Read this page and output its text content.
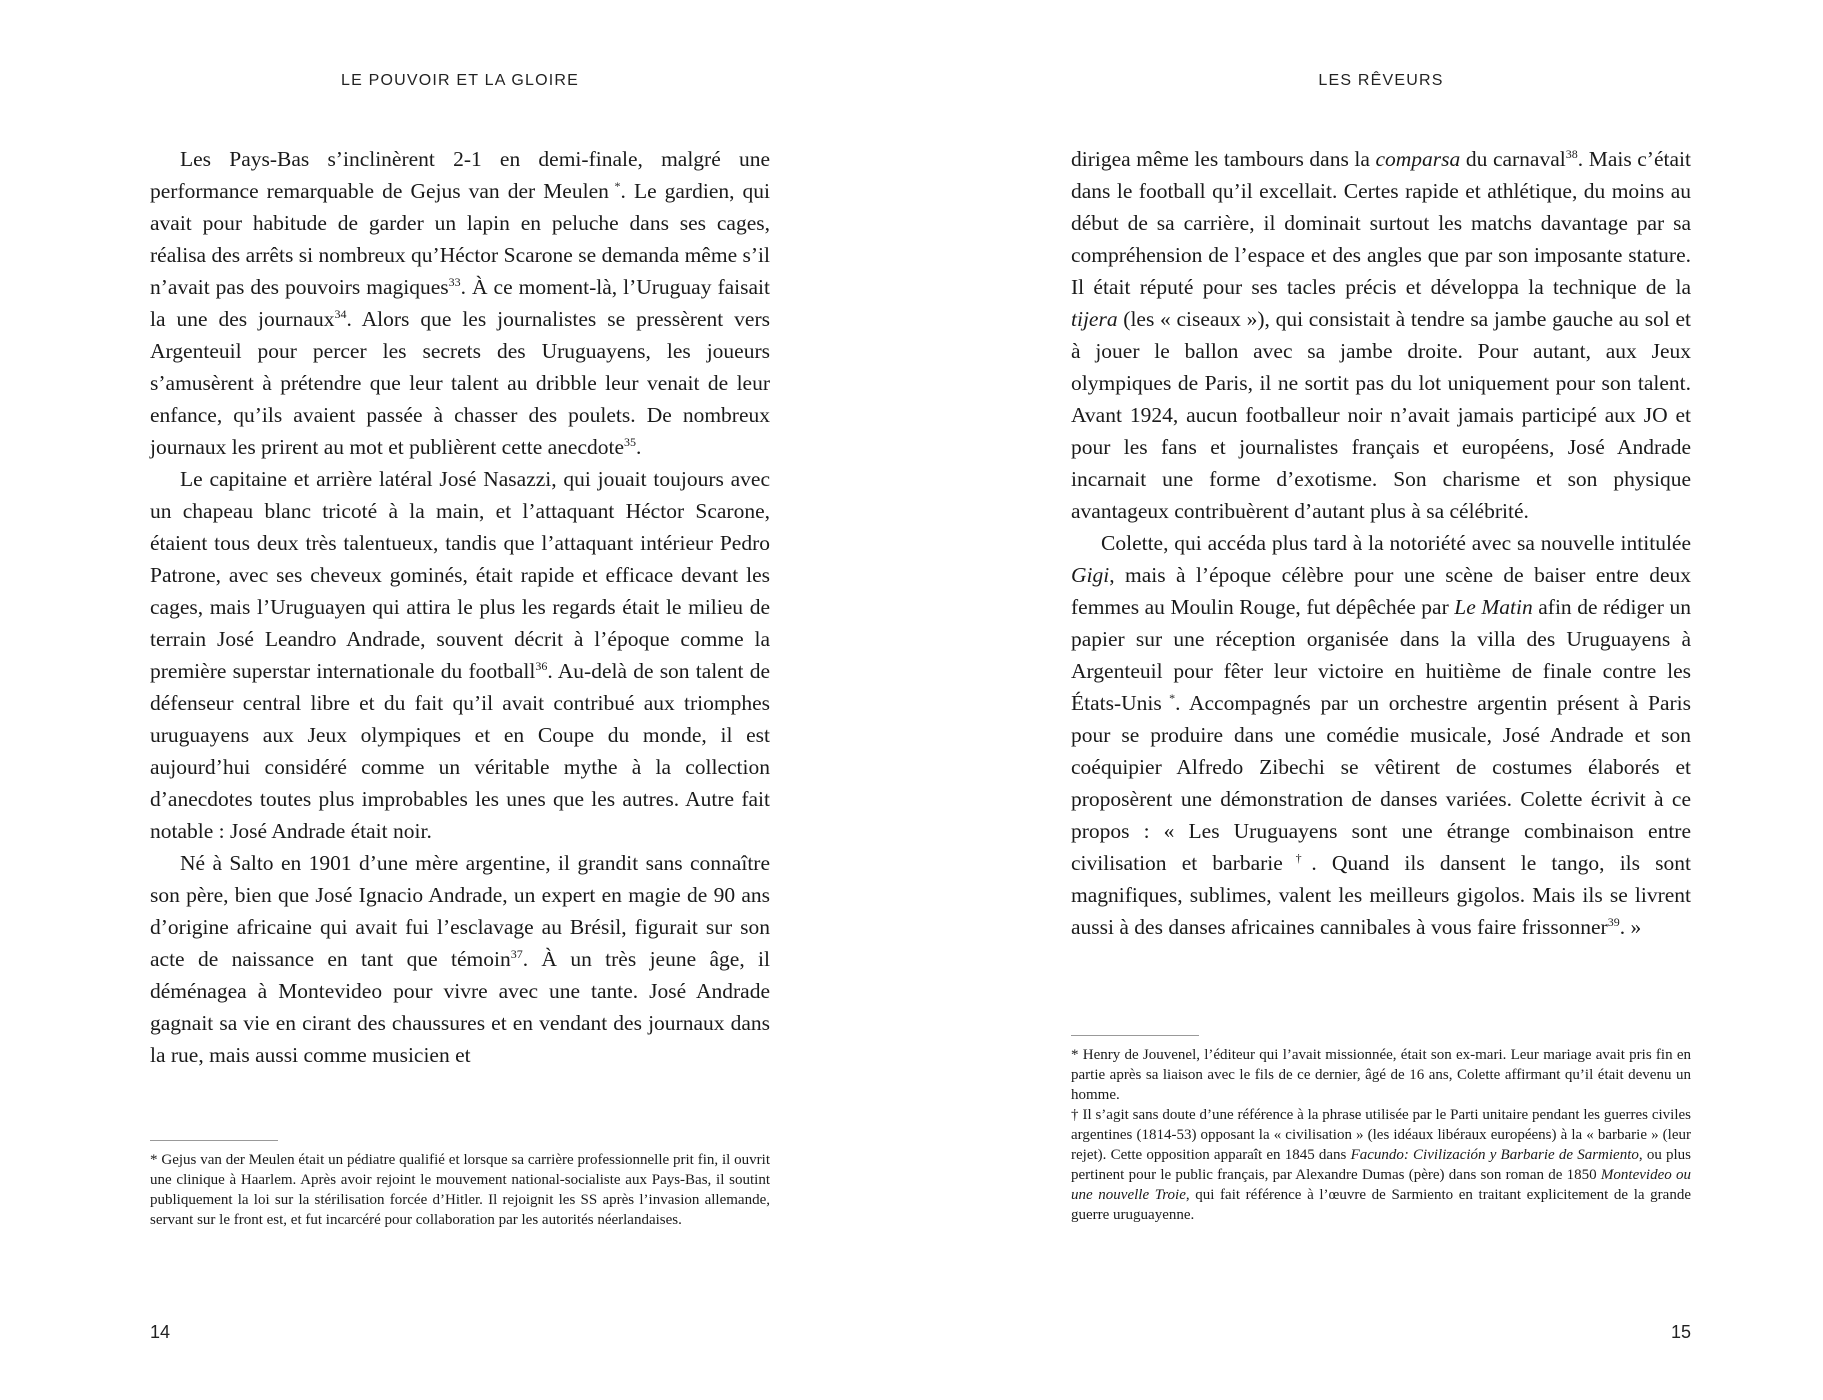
LE POUVOIR ET LA GLOIRE

Les Pays-Bas s’inclinèrent 2-1 en demi-finale, malgré une performance remarquable de Gejus van der Meulen *. Le gardien, qui avait pour habitude de garder un lapin en peluche dans ses cages, réalisa des arrêts si nombreux qu’Héctor Scarone se demanda même s’il n’avait pas des pouvoirs magiques$^{33}$. À ce moment-là, l’Uruguay faisait la une des journaux$^{34}$. Alors que les journalistes se pressèrent vers Argenteuil pour percer les secrets des Uruguayens, les joueurs s’amusèrent à prétendre que leur talent au dribble leur venait de leur enfance, qu’ils avaient passée à chasser des poulets. De nombreux journaux les prirent au mot et publièrent cette anecdote$^{35}$.

Le capitaine et arrière latéral José Nasazzi, qui jouait toujours avec un chapeau blanc tricoté à la main, et l’attaquant Héctor Scarone, étaient tous deux très talentueux, tandis que l’attaquant intérieur Pedro Patrone, avec ses cheveux gominés, était rapide et efficace devant les cages, mais l’Uruguayen qui attira le plus les regards était le milieu de terrain José Leandro Andrade, souvent décrit à l’époque comme la première superstar internationale du football$^{36}$. Au-delà de son talent de défenseur central libre et du fait qu’il avait contribué aux triomphes uruguayens aux Jeux olympiques et en Coupe du monde, il est aujourd’hui considéré comme un véritable mythe à la collection d’anecdotes toutes plus improbables les unes que les autres. Autre fait notable : José Andrade était noir.

Né à Salto en 1901 d’une mère argentine, il grandit sans connaître son père, bien que José Ignacio Andrade, un expert en magie de 90 ans d’origine africaine qui avait fui l’esclavage au Brésil, figurait sur son acte de naissance en tant que témoin$^{37}$. À un très jeune âge, il déménagea à Montevideo pour vivre avec une tante. José Andrade gagnait sa vie en cirant des chaussures et en vendant des journaux dans la rue, mais aussi comme musicien et

* Gejus van der Meulen était un pédiatre qualifié et lorsque sa carrière professionnelle prit fin, il ouvrit une clinique à Haarlem. Après avoir rejoint le mouvement national-socialiste aux Pays-Bas, il soutint publiquement la loi sur la stérilisation forcée d’Hitler. Il rejoignit les SS après l’invasion allemande, servant sur le front est, et fut incarcéré pour collaboration par les autorités néerlandaises.

14
LES RÊVEURS

dirigea même les tambours dans la comparsa du carnaval$^{38}$. Mais c’était dans le football qu’il excellait. Certes rapide et athlétique, du moins au début de sa carrière, il dominait surtout les matchs davantage par sa compréhension de l’espace et des angles que par son imposante stature. Il était réputé pour ses tacles précis et développa la technique de la tijera (les « ciseaux »), qui consistait à tendre sa jambe gauche au sol et à jouer le ballon avec sa jambe droite. Pour autant, aux Jeux olympiques de Paris, il ne sortit pas du lot uniquement pour son talent. Avant 1924, aucun footballeur noir n’avait jamais participé aux JO et pour les fans et journalistes français et européens, José Andrade incarnait une forme d’exotisme. Son charisme et son physique avantageux contribuèrent d’autant plus à sa célébrité.

Colette, qui accéda plus tard à la notoriété avec sa nouvelle intitulée Gigi, mais à l’époque célèbre pour une scène de baiser entre deux femmes au Moulin Rouge, fut dépêchée par Le Matin afin de rédiger un papier sur une réception organisée dans la villa des Uruguayens à Argenteuil pour fêter leur victoire en huitième de finale contre les États-Unis *. Accompagnés par un orchestre argentin présent à Paris pour se produire dans une comédie musicale, José Andrade et son coéquipier Alfredo Zibechi se vêtirent de costumes élaborés et proposèrent une démonstration de danses variées. Colette écrivit à ce propos : « Les Uruguayens sont une étrange combinaison entre civilisation et barbarie †. Quand ils dansent le tango, ils sont magnifiques, sublimes, valent les meilleurs gigolos. Mais ils se livrent aussi à des danses africaines cannibales à vous faire frissonner$^{39}$. »

* Henry de Jouvenel, l’éditeur qui l’avait missionnée, était son ex-mari. Leur mariage avait pris fin en partie après sa liaison avec le fils de ce dernier, âgé de 16 ans, Colette affirmant qu’il était devenu un homme.

† Il s’agit sans doute d’une référence à la phrase utilisée par le Parti unitaire pendant les guerres civiles argentines (1814-53) opposant la « civilisation » (les idéaux libéraux européens) à la « barbarie » (leur rejet). Cette opposition apparaît en 1845 dans Facundo: Civilización y Barbarie de Sarmiento, ou plus pertinent pour le public français, par Alexandre Dumas (père) dans son roman de 1850 Montevideo ou une nouvelle Troie, qui fait référence à l’œuvre de Sarmiento en traitant explicitement de la grande guerre uruguayenne.

15
